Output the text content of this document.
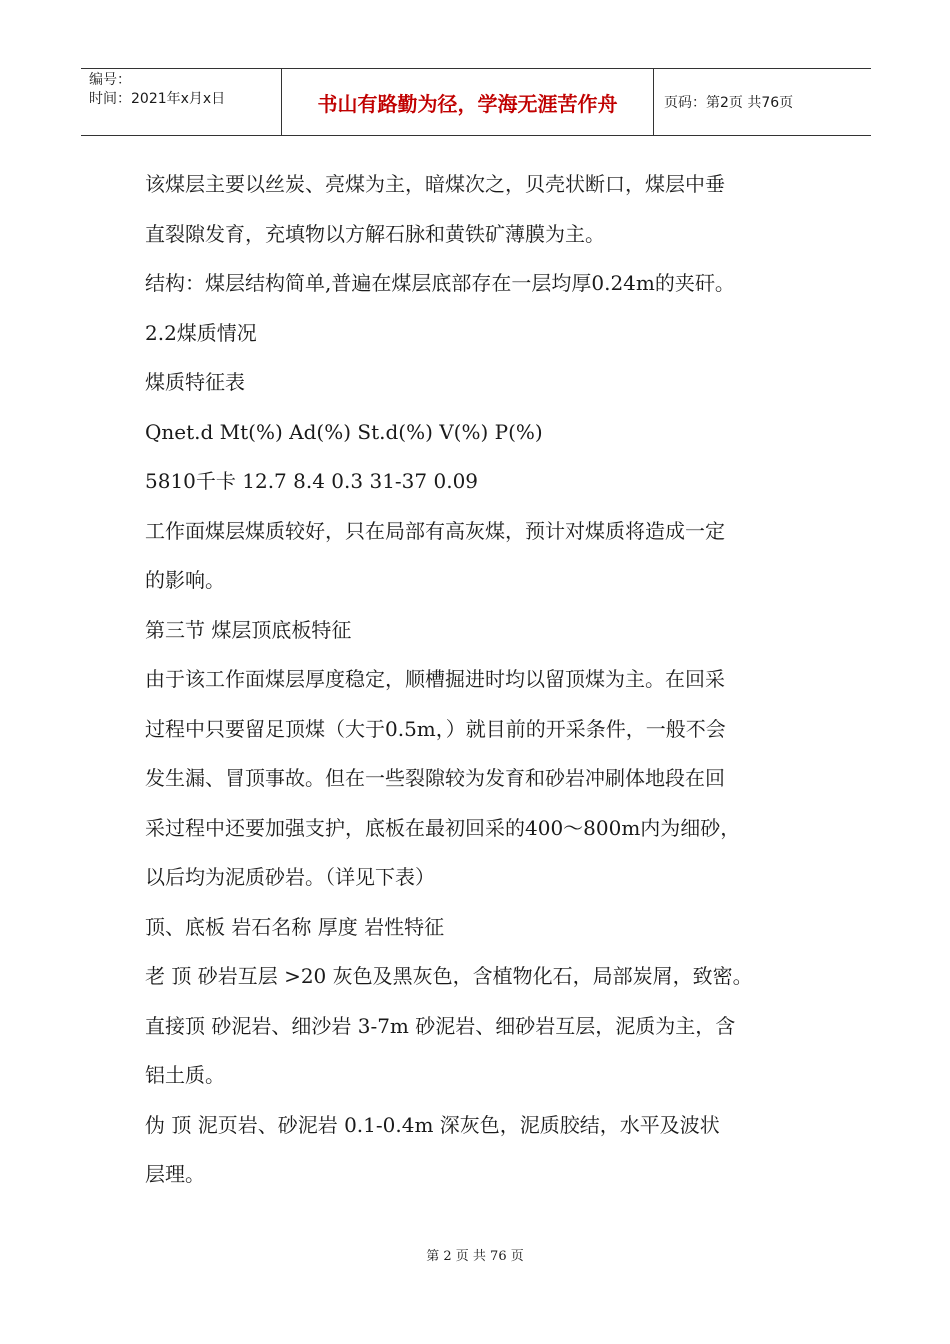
编号：
时间：2021年x月x日	书山有路勤为径，学海无涯苦作舟	页码：第2页 共76页

该煤层主要以丝炭、亮煤为主，暗煤次之，贝壳状断口，煤层中垂

直裂隙发育，充填物以方解石脉和黄铁矿薄膜为主。

结构：煤层结构简单,普遍在煤层底部存在一层均厚0.24m的夹矸。

2.2煤质情况

煤质特征表

Qnet.d Mt(%) Ad(%) St.d(%) V(%) P(%)

5810千卡 12.7 8.4 0.3 31-37 0.09

工作面煤层煤质较好，只在局部有高灰煤，预计对煤质将造成一定

的影响。

第三节 煤层顶底板特征

由于该工作面煤层厚度稳定，顺槽掘进时均以留顶煤为主。在回采

过程中只要留足顶煤（大于0.5m，）就目前的开采条件，一般不会

发生漏、冒顶事故。但在一些裂隙较为发育和砂岩冲刷体地段在回

采过程中还要加强支护，底板在最初回采的400～800m内为细砂，

以后均为泥质砂岩。（详见下表）

顶、底板 岩石名称 厚度 岩性特征

老 顶 砂岩互层 >20 灰色及黑灰色，含植物化石，局部炭屑，致密。

直接顶 砂泥岩、细沙岩 3-7m 砂泥岩、细砂岩互层，泥质为主，含

铝土质。

伪 顶 泥页岩、砂泥岩 0.1-0.4m 深灰色，泥质胶结，水平及波状

层理。

第 2 页 共 76 页
